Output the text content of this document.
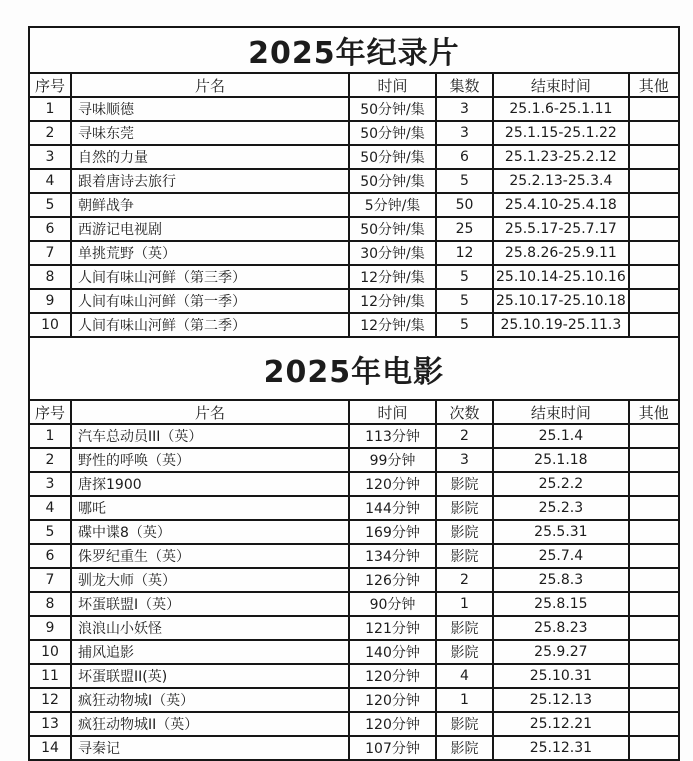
2025年纪录片					
序号	片名	时间	集数	结束时间	其他
1	寻味顺德	50分钟/集	3	25.1.6-25.1.11	
2	寻味东莞	50分钟/集	3	25.1.15-25.1.22	
3	自然的力量	50分钟/集	6	25.1.23-25.2.12	
4	跟着唐诗去旅行	50分钟/集	5	25.2.13-25.3.4	
5	朝鲜战争	5分钟/集	50	25.4.10-25.4.18	
6	西游记电视剧	50分钟/集	25	25.5.17-25.7.17	
7	单挑荒野（英）	30分钟/集	12	25.8.26-25.9.11	
8	人间有味山河鲜（第三季）	12分钟/集	5	25.10.14-25.10.16	
9	人间有味山河鲜（第一季）	12分钟/集	5	25.10.17-25.10.18	
10	人间有味山河鲜（第二季）	12分钟/集	5	25.10.19-25.11.3	
2025年电影					
序号	片名	时间	次数	结束时间	其他
1	汽车总动员III（英）	113分钟	2	25.1.4	
2	野性的呼唤（英）	99分钟	3	25.1.18	
3	唐探1900	120分钟	影院	25.2.2	
4	哪吒	144分钟	影院	25.2.3	
5	碟中谍8（英）	169分钟	影院	25.5.31	
6	侏罗纪重生（英）	134分钟	影院	25.7.4	
7	驯龙大师（英）	126分钟	2	25.8.3	
8	坏蛋联盟I（英）	90分钟	1	25.8.15	
9	浪浪山小妖怪	121分钟	影院	25.8.23	
10	捕风追影	140分钟	影院	25.9.27	
11	坏蛋联盟II(英)	120分钟	4	25.10.31	
12	疯狂动物城I（英）	120分钟	1	25.12.13	
13	疯狂动物城II（英）	120分钟	影院	25.12.21	
14	寻秦记	107分钟	影院	25.12.31	
